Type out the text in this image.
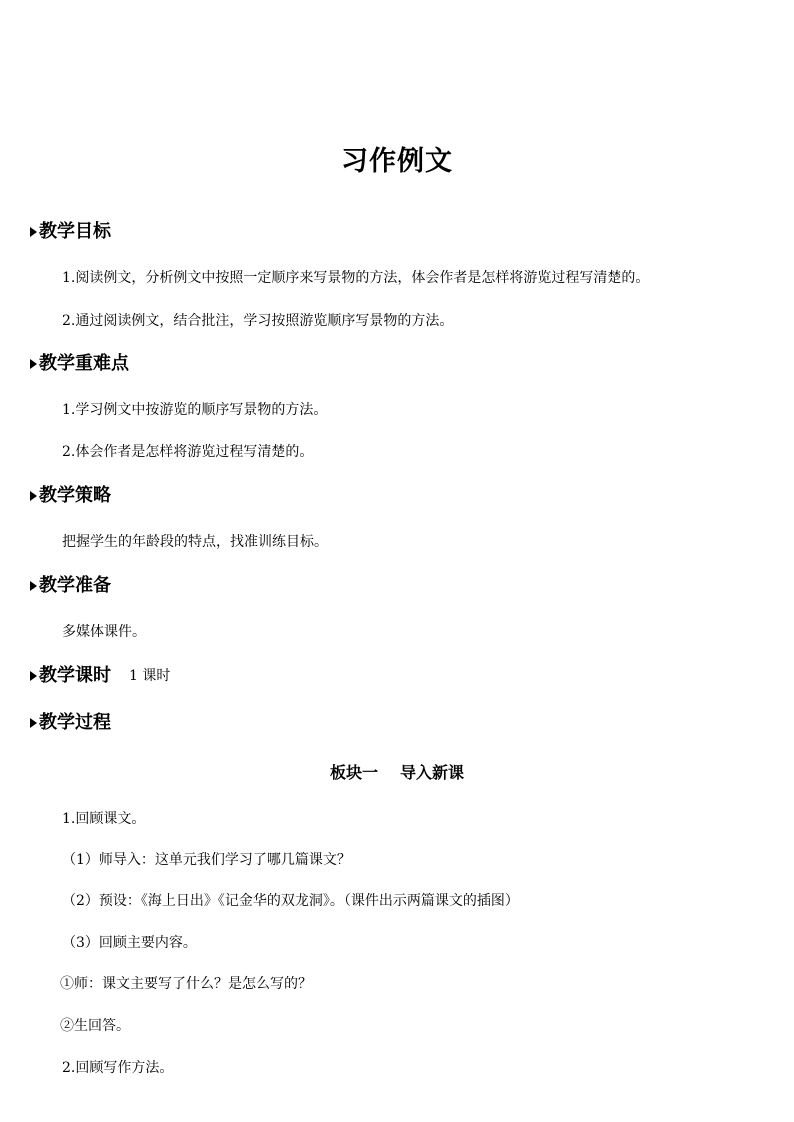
习作例文
教学目标
1.阅读例文，分析例文中按照一定顺序来写景物的方法，体会作者是怎样将游览过程写清楚的。
2.通过阅读例文，结合批注，学习按照游览顺序写景物的方法。
教学重难点
1.学习例文中按游览的顺序写景物的方法。
2.体会作者是怎样将游览过程写清楚的。
教学策略
把握学生的年龄段的特点，找准训练目标。
教学准备
多媒体课件。
教学课时 1 课时
教学过程
板块一 导入新课
1.回顾课文。
（1）师导入：这单元我们学习了哪几篇课文？
（2）预设：《海上日出》《记金华的双龙洞》。（课件出示两篇课文的插图）
（3）回顾主要内容。
①师：课文主要写了什么？是怎么写的？
②生回答。
2.回顾写作方法。
